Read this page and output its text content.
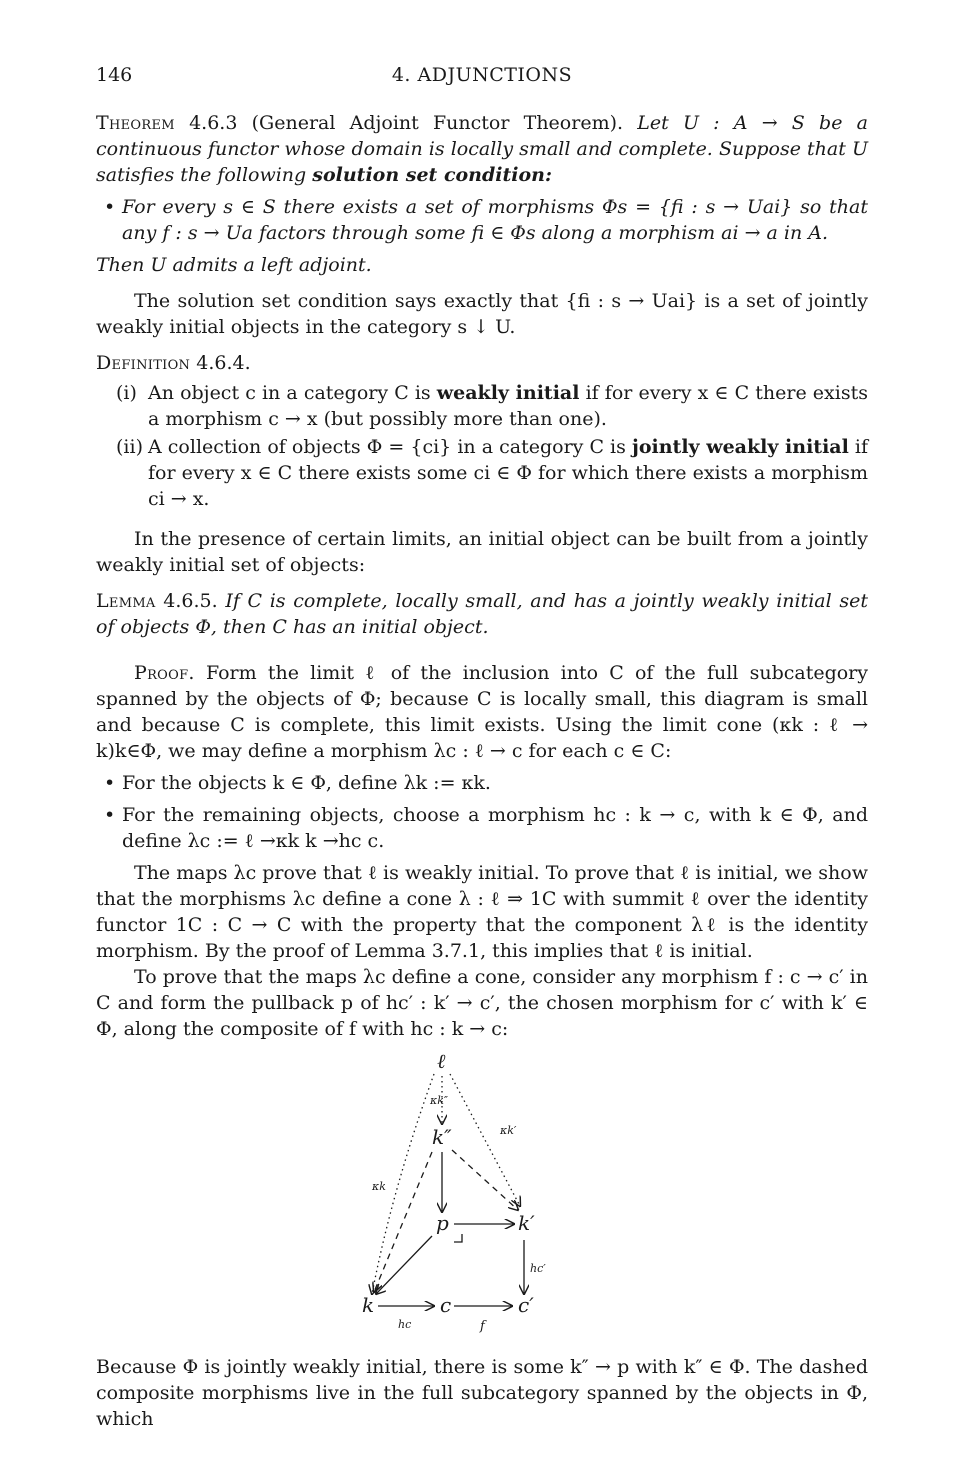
146	4. ADJUNCTIONS

Theorem 4.6.3 (General Adjoint Functor Theorem). Let U : A → S be a continuous functor whose domain is locally small and complete. Suppose that U satisfies the following solution set condition:

• For every s ∈ S there exists a set of morphisms Φs = {fi : s → Uai} so that any f : s → Ua factors through some fi ∈ Φs along a morphism ai → a in A.

Then U admits a left adjoint.

The solution set condition says exactly that {fi : s → Uai} is a set of jointly weakly initial objects in the category s ↓ U.

Definition 4.6.4.

(i) An object c in a category C is weakly initial if for every x ∈ C there exists a morphism c → x (but possibly more than one).
(ii) A collection of objects Φ = {ci} in a category C is jointly weakly initial if for every x ∈ C there exists some ci ∈ Φ for which there exists a morphism ci → x.

In the presence of certain limits, an initial object can be built from a jointly weakly initial set of objects:

Lemma 4.6.5. If C is complete, locally small, and has a jointly weakly initial set of objects Φ, then C has an initial object.

Proof. Form the limit ℓ of the inclusion into C of the full subcategory spanned by the objects of Φ; because C is locally small, this diagram is small and because C is complete, this limit exists. Using the limit cone (κk : ℓ → k)k∈Φ, we may define a morphism λc : ℓ → c for each c ∈ C:

• For the objects k ∈ Φ, define λk := κk.
• For the remaining objects, choose a morphism hc : k → c, with k ∈ Φ, and define λc := ℓ →κk k →hc c.

The maps λc prove that ℓ is weakly initial. To prove that ℓ is initial, we show that the morphisms λc define a cone λ : ℓ ⇒ 1C with summit ℓ over the identity functor 1C : C → C with the property that the component λℓ is the identity morphism. By the proof of Lemma 3.7.1, this implies that ℓ is initial.

To prove that the maps λc define a cone, consider any morphism f : c → c′ in C and form the pullback p of hc′ : k′ → c′, the chosen morphism for c′ with k′ ∈ Φ, along the composite of f with hc : k → c:

ℓ
k″
p	k′
k	c	c′
κk″
κk′
κk
hc′
hc	f

Because Φ is jointly weakly initial, there is some k″ → p with k″ ∈ Φ. The dashed composite morphisms live in the full subcategory spanned by the objects in Φ, which
